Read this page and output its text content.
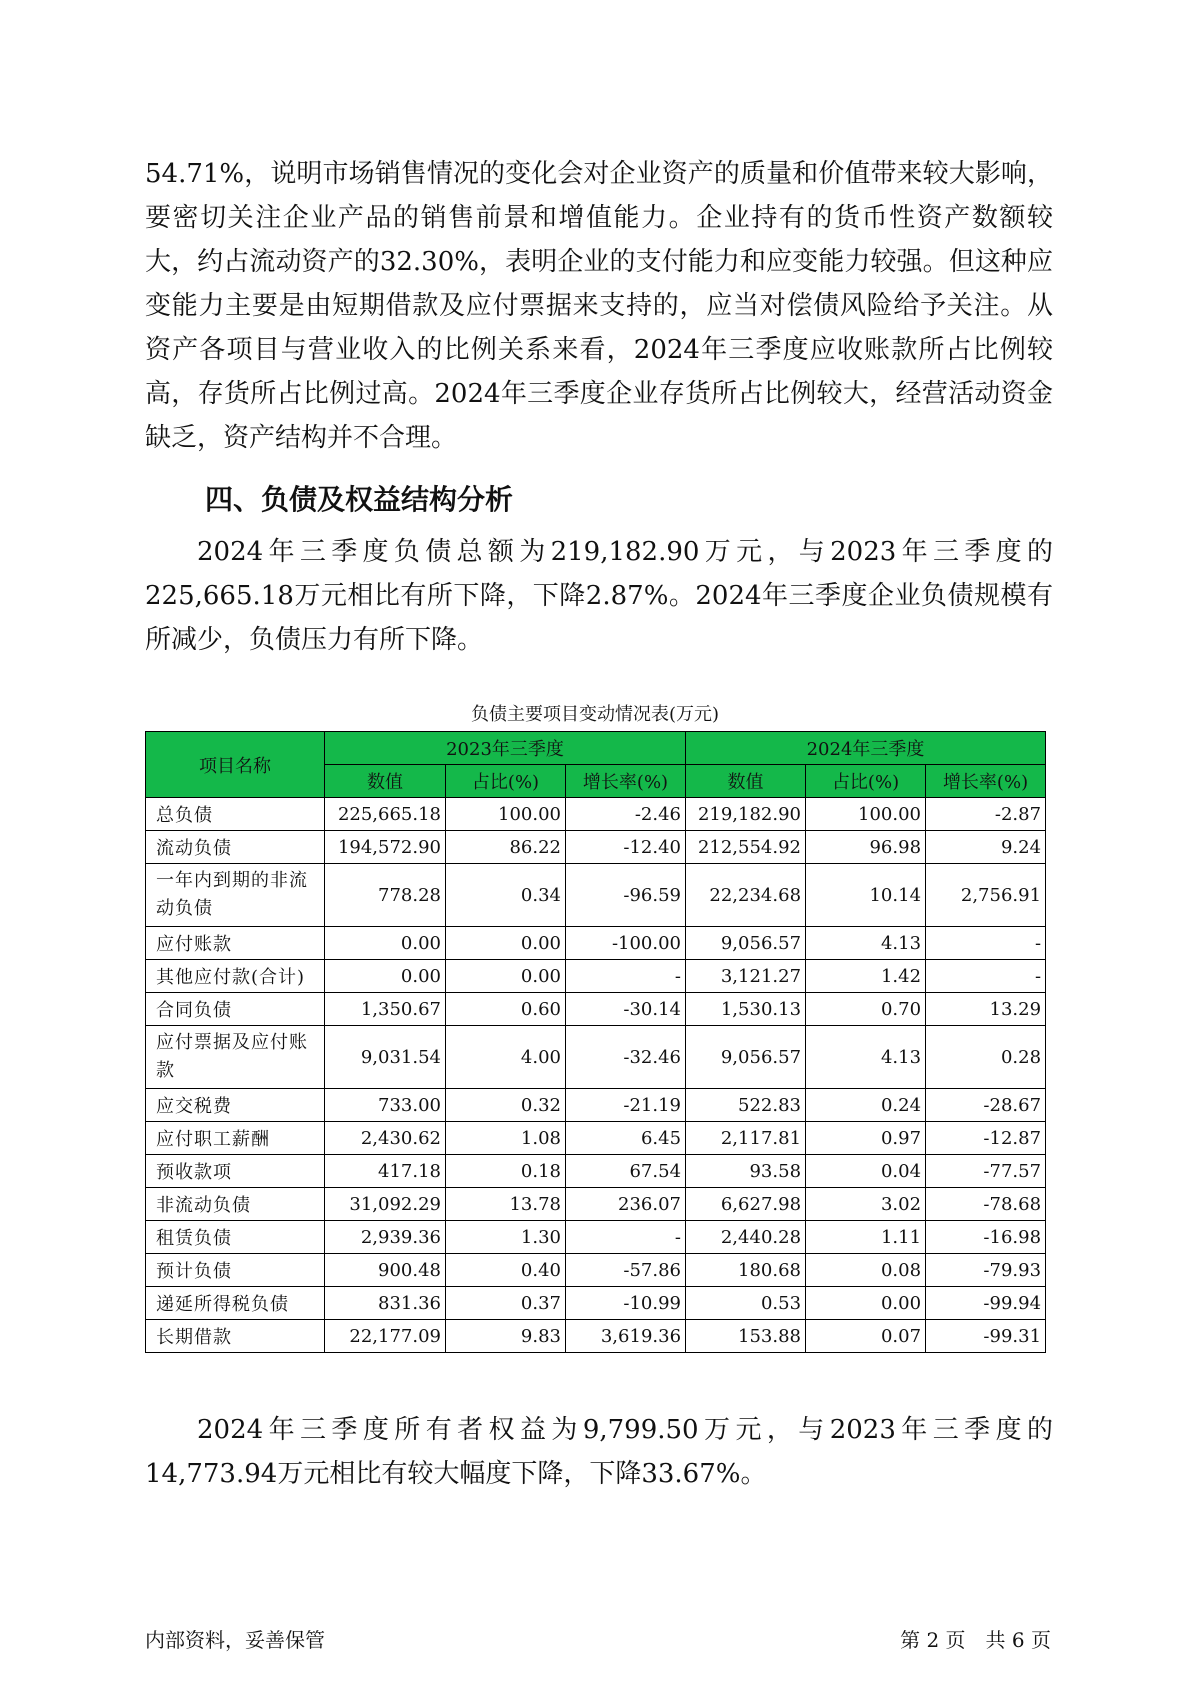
54.71%，说明市场销售情况的变化会对企业资产的质量和价值带来较大影响，要密切关注企业产品的销售前景和增值能力。企业持有的货币性资产数额较大，约占流动资产的32.30%，表明企业的支付能力和应变能力较强。但这种应变能力主要是由短期借款及应付票据来支持的，应当对偿债风险给予关注。从资产各项目与营业收入的比例关系来看，2024年三季度应收账款所占比例较高，存货所占比例过高。2024年三季度企业存货所占比例较大，经营活动资金缺乏，资产结构并不合理。

四、负债及权益结构分析

2024年三季度负债总额为219,182.90万元，与2023年三季度的225,665.18万元相比有所下降，下降2.87%。2024年三季度企业负债规模有所减少，负债压力有所下降。

负债主要项目变动情况表(万元)
项目名称	2023年三季度			2024年三季度		
	数值	占比(%)	增长率(%)	数值	占比(%)	增长率(%)
总负债	225,665.18	100.00	-2.46	219,182.90	100.00	-2.87
流动负债	194,572.90	86.22	-12.40	212,554.92	96.98	9.24
一年内到期的非流动负债	778.28	0.34	-96.59	22,234.68	10.14	2,756.91
应付账款	0.00	0.00	-100.00	9,056.57	4.13	-
其他应付款(合计)	0.00	0.00	-	3,121.27	1.42	-
合同负债	1,350.67	0.60	-30.14	1,530.13	0.70	13.29
应付票据及应付账款	9,031.54	4.00	-32.46	9,056.57	4.13	0.28
应交税费	733.00	0.32	-21.19	522.83	0.24	-28.67
应付职工薪酬	2,430.62	1.08	6.45	2,117.81	0.97	-12.87
预收款项	417.18	0.18	67.54	93.58	0.04	-77.57
非流动负债	31,092.29	13.78	236.07	6,627.98	3.02	-78.68
租赁负债	2,939.36	1.30	-	2,440.28	1.11	-16.98
预计负债	900.48	0.40	-57.86	180.68	0.08	-79.93
递延所得税负债	831.36	0.37	-10.99	0.53	0.00	-99.94
长期借款	22,177.09	9.83	3,619.36	153.88	0.07	-99.31

2024年三季度所有者权益为9,799.50万元，与2023年三季度的14,773.94万元相比有较大幅度下降，下降33.67%。

内部资料，妥善保管	第 2 页　共 6 页
